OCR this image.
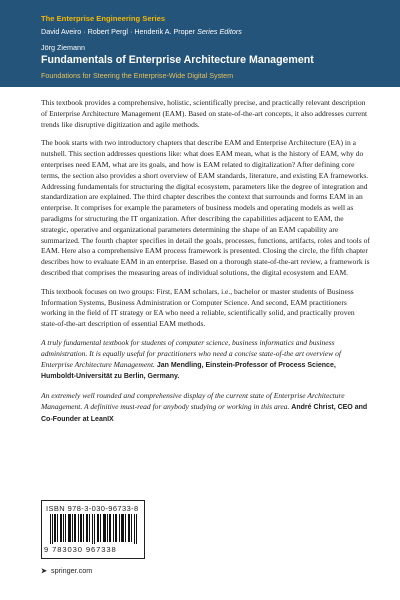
The Enterprise Engineering Series
David Aveiro · Robert Pergl · Henderik A. Proper Series Editors
Jörg Ziemann
Fundamentals of Enterprise Architecture Management
Foundations for Steering the Enterprise-Wide Digital System

This textbook provides a comprehensive, holistic, scientifically precise, and practically relevant description of Enterprise Architecture Management (EAM). Based on state-of-the-art concepts, it also addresses current trends like disruptive digitization and agile methods.

The book starts with two introductory chapters that describe EAM and Enterprise Architecture (EA) in a nutshell. This section addresses questions like: what does EAM mean, what is the history of EAM, why do enterprises need EAM, what are its goals, and how is EAM related to digitalization? After defining core terms, the section also provides a short overview of EAM standards, literature, and existing EA frameworks. Addressing fundamentals for structuring the digital ecosystem, parameters like the degree of integration and standardization are explained. The third chapter describes the context that surrounds and forms EAM in an enterprise. It comprises for example the parameters of business models and operating models as well as paradigms for structuring the IT organization. After describing the capabilities adjacent to EAM, the strategic, operative and organizational parameters determining the shape of an EAM capability are summarized. The fourth chapter specifies in detail the goals, processes, functions, artifacts, roles and tools of EAM. Here also a comprehensive EAM process framework is presented. Closing the circle, the fifth chapter describes how to evaluate EAM in an enterprise. Based on a thorough state-of-the-art review, a framework is described that comprises the measuring areas of individual solutions, the digital ecosystem and EAM.

This textbook focuses on two groups: First, EAM scholars, i.e., bachelor or master students of Business Information Systems, Business Administration or Computer Science. And second, EAM practitioners working in the field of IT strategy or EA who need a reliable, scientifically solid, and practically proven state-of-the-art description of essential EAM methods.

A truly fundamental textbook for students of computer science, business informatics and business administration. It is equally useful for practitioners who need a concise state-of-the art overview of Enterprise Architecture Management. Jan Mendling, Einstein-Professor of Process Science, Humboldt-Universität zu Berlin, Germany.

An extremely well rounded and comprehensive display of the current state of Enterprise Architecture Management. A definitive must-read for anybody studying or working in this area. André Christ, CEO and Co-Founder at LeanIX

ISBN 978-3-030-96733-8
9 783030 967338
➤ springer.com
